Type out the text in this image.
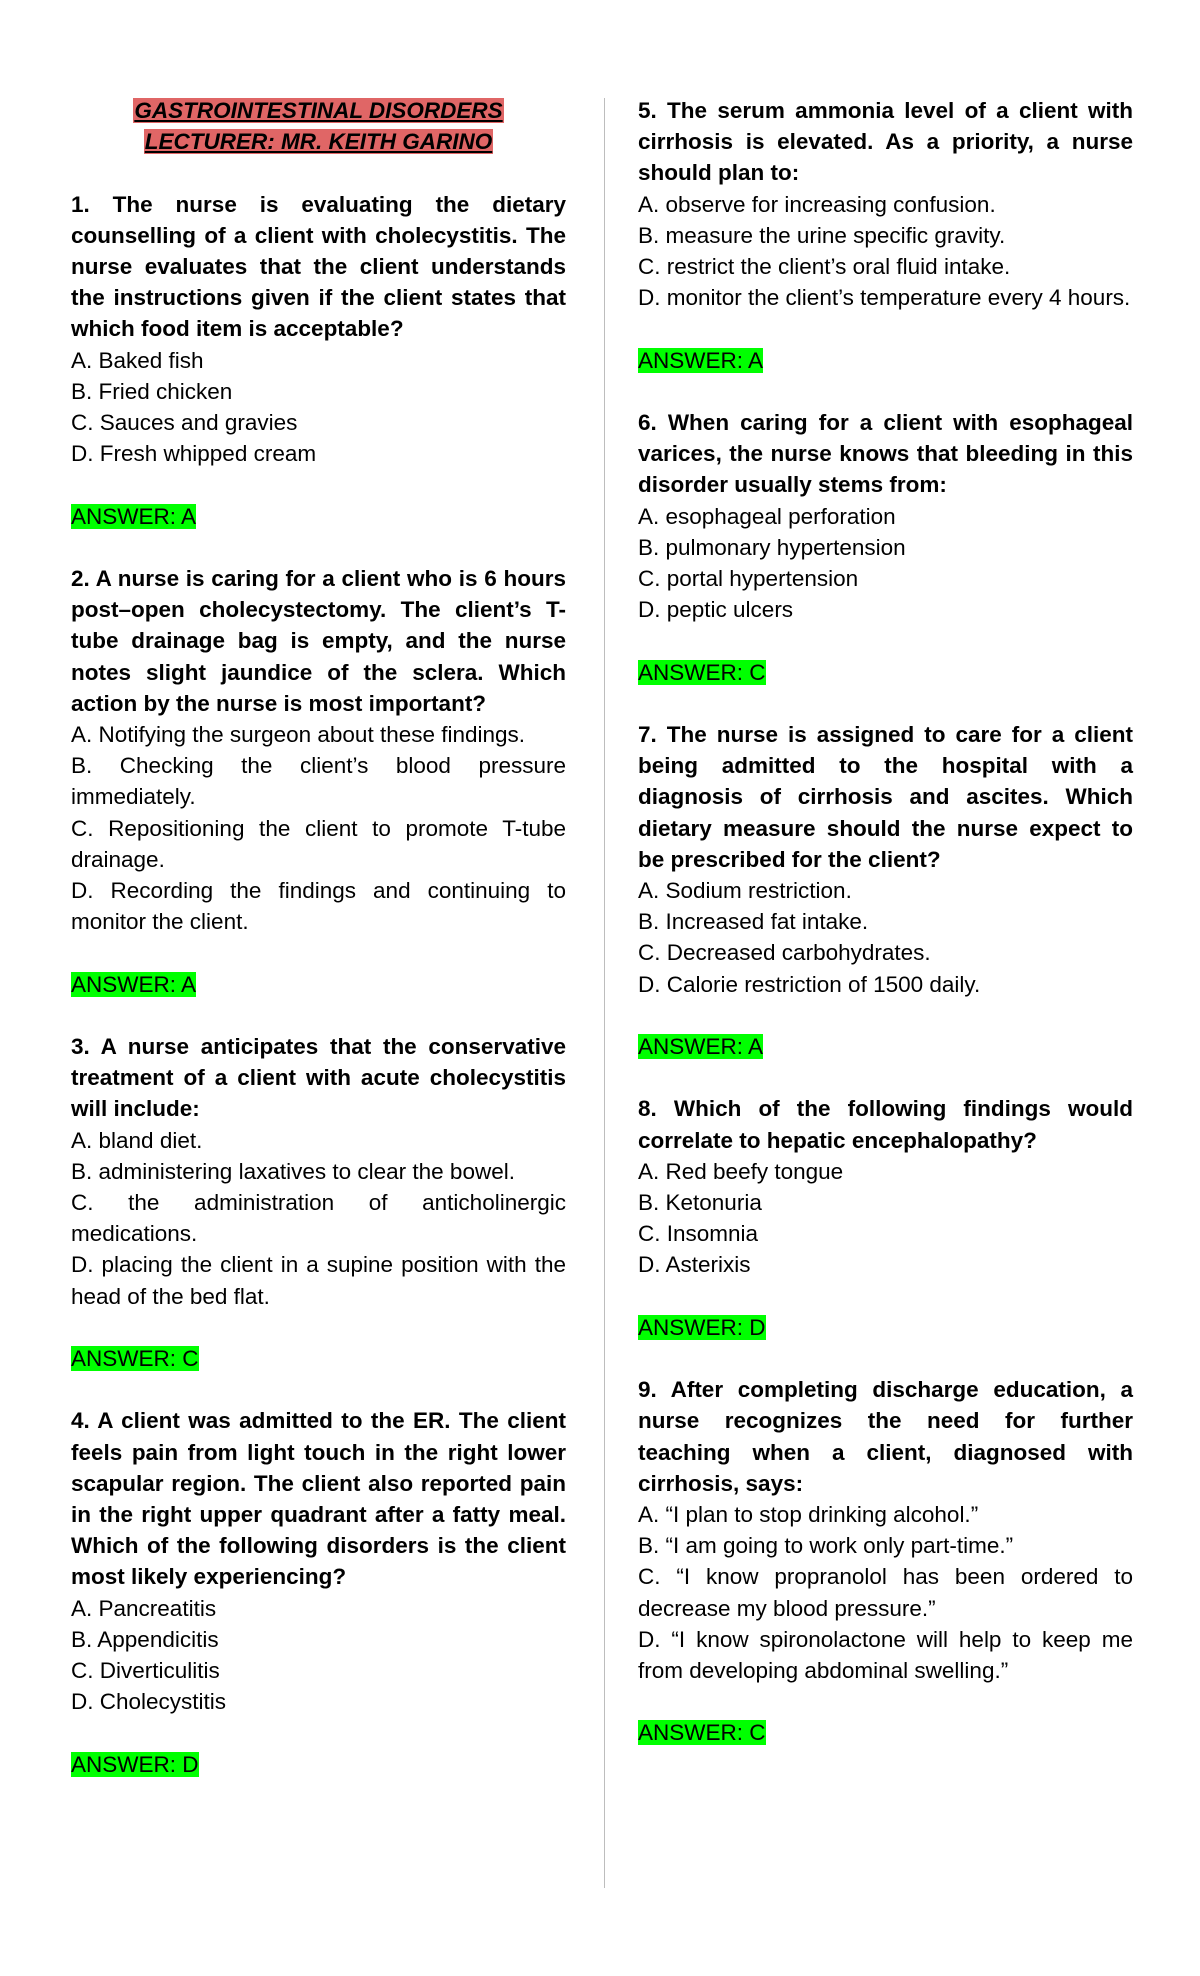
GASTROINTESTINAL DISORDERS
LECTURER: MR. KEITH GARINO
1. The nurse is evaluating the dietary counselling of a client with cholecystitis. The nurse evaluates that the client understands the instructions given if the client states that which food item is acceptable?
A. Baked fish
B. Fried chicken
C. Sauces and gravies
D. Fresh whipped cream
ANSWER: A
2. A nurse is caring for a client who is 6 hours post–open cholecystectomy. The client’s T-tube drainage bag is empty, and the nurse notes slight jaundice of the sclera. Which action by the nurse is most important?
A. Notifying the surgeon about these findings.
B. Checking the client’s blood pressure immediately.
C. Repositioning the client to promote T-tube drainage.
D. Recording the findings and continuing to monitor the client.
ANSWER: A
3. A nurse anticipates that the conservative treatment of a client with acute cholecystitis will include:
A. bland diet.
B. administering laxatives to clear the bowel.
C. the administration of anticholinergic medications.
D. placing the client in a supine position with the head of the bed flat.
ANSWER: C
4. A client was admitted to the ER. The client feels pain from light touch in the right lower scapular region. The client also reported pain in the right upper quadrant after a fatty meal. Which of the following disorders is the client most likely experiencing?
A. Pancreatitis
B. Appendicitis
C. Diverticulitis
D. Cholecystitis
ANSWER: D
5. The serum ammonia level of a client with cirrhosis is elevated. As a priority, a nurse should plan to:
A. observe for increasing confusion.
B. measure the urine specific gravity.
C. restrict the client’s oral fluid intake.
D. monitor the client’s temperature every 4 hours.
ANSWER: A
6. When caring for a client with esophageal varices, the nurse knows that bleeding in this disorder usually stems from:
A. esophageal perforation
B. pulmonary hypertension
C. portal hypertension
D. peptic ulcers
ANSWER: C
7. The nurse is assigned to care for a client being admitted to the hospital with a diagnosis of cirrhosis and ascites. Which dietary measure should the nurse expect to be prescribed for the client?
A. Sodium restriction.
B. Increased fat intake.
C. Decreased carbohydrates.
D. Calorie restriction of 1500 daily.
ANSWER: A
8. Which of the following findings would correlate to hepatic encephalopathy?
A. Red beefy tongue
B. Ketonuria
C. Insomnia
D. Asterixis
ANSWER: D
9. After completing discharge education, a nurse recognizes the need for further teaching when a client, diagnosed with cirrhosis, says:
A. “I plan to stop drinking alcohol.”
B. “I am going to work only part-time.”
C. “I know propranolol has been ordered to decrease my blood pressure.”
D. “I know spironolactone will help to keep me from developing abdominal swelling.”
ANSWER: C
